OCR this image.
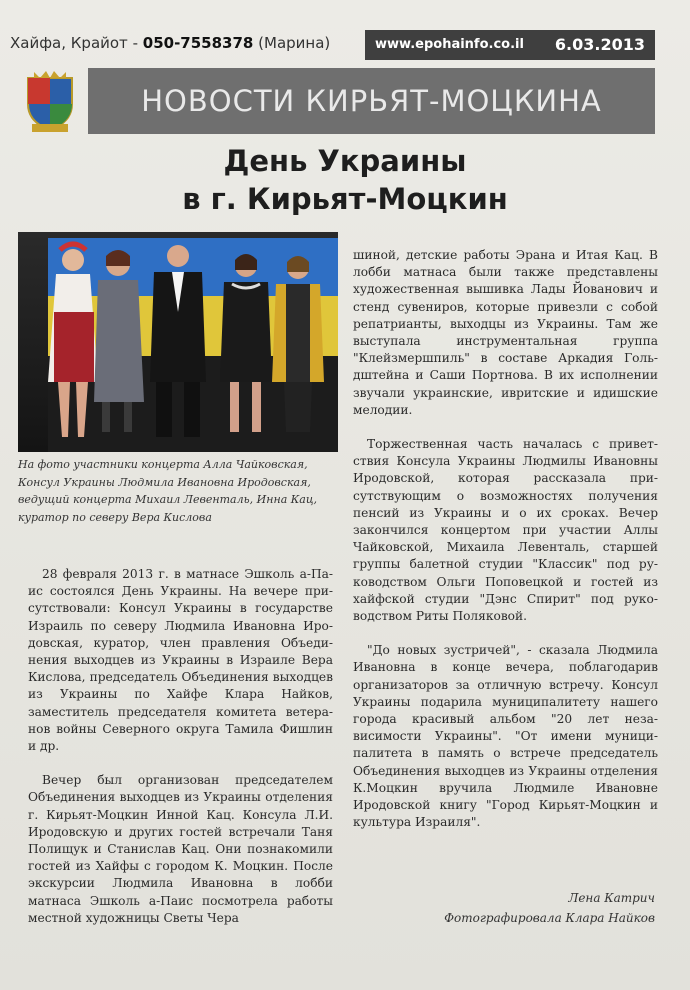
Хайфа, Крайот - 050-7558378 (Марина)	www.epohainfo.co.il 6.03.2013
НОВОСТИ КИРЬЯТ-МОЦКИНА
День Украины
в г. Кирьят-Моцкин
На фото участники концерта Алла Чайковская, Консул Украины Людмила Ивановна Иродовская, ведущий концерта Михаил Левенталь, Инна Кац, куратор по северу Вера Кислова

28 февраля 2013 г. в матнасе Эшколь а-Паис состоялся День Украины. На вечере присутствовали: Консул Украины в государстве Израиль по северу Людмила Ивановна Иродовская, куратор, член правления Объединения выходцев из Украины в Израиле Вера Кислова, председатель Объединения выходцев из Украины по Хайфе Клара Найков, заместитель председателя комитета ветеранов войны Северного округа Тамила Фишлин и др.

Вечер был организован председателем Объединения выходцев из Украины отделения г. Кирьят-Моцкин Инной Кац. Консула Л.И. Иродовскую и других гостей встречали Таня Полищук и Станислав Кац. Они познакомили гостей из Хайфы с городом К. Моцкин. После экскурсии Людмила Ивановна в лобби матнаса Эшколь а-Паис посмотрела работы местной художницы Светы Чера

шиной, детские работы Эрана и Итая Кац. В лобби матнаса были также представлены художественная вышивка Лады Йованович и стенд сувениров, которые привезли с собой репатрианты, выходцы из Украины. Там же выступала инструментальная группа "Клейзмершпиль" в составе Аркадия Гольдштейна и Саши Портнова. В их исполнении звучали украинские, ивритские и идишские мелодии.

Торжественная часть началась с приветствия Консула Украины Людмилы Ивановны Иродовской, которая рассказала присутствующим о возможностях получения пенсий из Украины и о их сроках. Вечер закончился концертом при участии Аллы Чайковской, Михаила Левенталь, старшей группы балетной студии "Классик" под руководством Ольги Поповецкой и гостей из хайфской студии "Дэнс Спирит" под руководством Риты Поляковой.

"До новых зустричей", - сказала Людмила Ивановна в конце вечера, поблагодарив организаторов за отличную встречу. Консул Украины подарила муниципалитету нашего города красивый альбом "20 лет независимости Украины". "От имени муниципалитета в память о встрече председатель Объединения выходцев из Украины отделения К.Моцкин вручила Людмиле Ивановне Иродовской книгу "Город Кирьят-Моцкин и культура Израиля".

Лена Катрич
Фотографировала Клара Найков
